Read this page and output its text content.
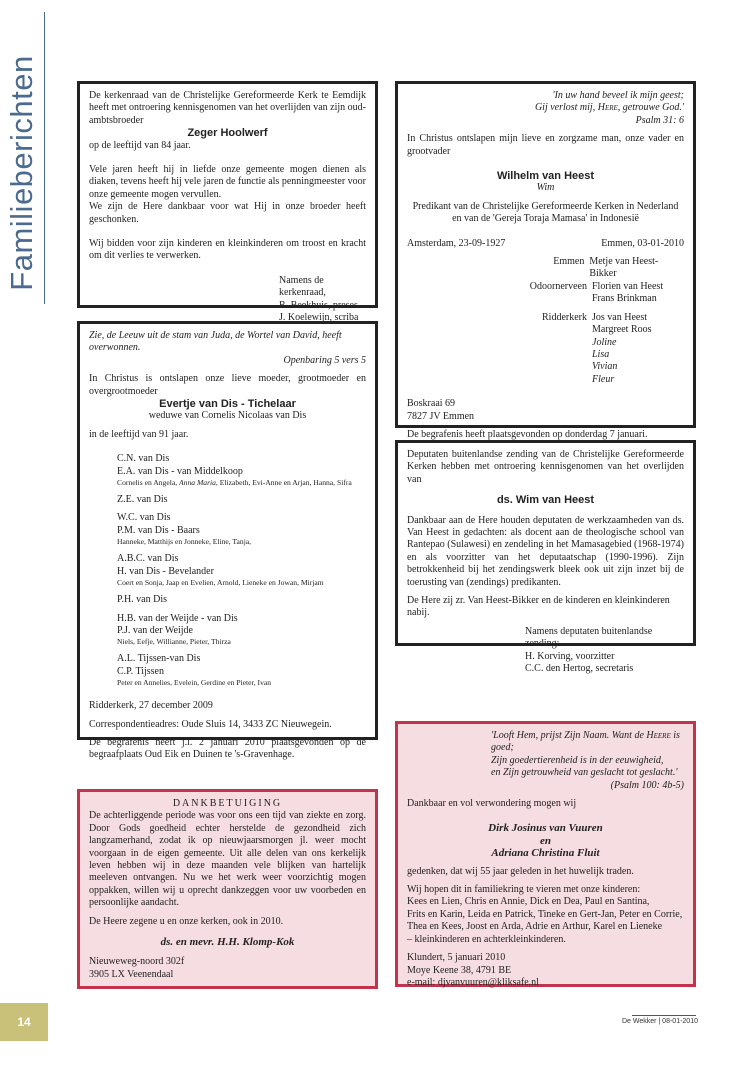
Familieberichten	De kerkenraad van de Christelijke Gereformeerde Kerk te Eemdijk heeft met ontroering kennisgenomen van het overlijden van zijn oud-ambtsbroeder

Zeger Hoolwerf

op de leeftijd van 84 jaar.

Vele jaren heeft hij in liefde onze gemeente mogen dienen als diaken, tevens heeft hij vele jaren de functie als penningmeester voor onze gemeente mogen vervullen.

We zijn de Here dankbaar voor wat Hij in onze broeder heeft geschonken.

Wij bidden voor zijn kinderen en kleinkinderen om troost en kracht om dit verlies te verwerken.

Namens de kerkenraad,

R. Beekhuis, preses

J. Koelewijn, scriba

Zie, de Leeuw uit de stam van Juda, de Wortel van David, heeft overwonnen.

Openbaring 5 vers 5

In Christus is ontslapen onze lieve moeder, grootmoeder en overgrootmoeder

Evertje van Dis - Tichelaar

weduwe van Cornelis Nicolaas van Dis

in de leeftijd van 91 jaar.

C.N. van Dis

E.A. van Dis - van Middelkoop

Cornelis en Angela, Anna Maria, Elizabeth, Evi-Anne en Arjan, Hanna, Sifra

Z.E. van Dis

W.C. van Dis

P.M. van Dis - Baars

Hanneke, Matthijs en Jonneke, Eline, Tanja,

A.B.C. van Dis

H. van Dis - Bevelander

Coert en Sonja, Jaap en Evelien, Arnold, Lieneke en Jowan, Mirjam

P.H. van Dis

H.B. van der Weijde - van Dis

P.J. van der Weijde

Niels, Eefje, Willianne, Pieter, Thirza

A.L. Tijssen-van Dis

C.P. Tijssen

Peter en Annelies, Evelein, Gerdine en Pieter, Ivan

Ridderkerk, 27 december 2009

Correspondentieadres: Oude Sluis 14, 3433 ZC Nieuwegein.

De begrafenis heeft j.l. 2 januari 2010 plaatsgevonden op de begraafplaats Oud Eik en Duinen te 's-Gravenhage.

DANKBETUIGING

De achterliggende periode was voor ons een tijd van ziekte en zorg. Door Gods goedheid echter herstelde de gezondheid zich langzamerhand, zodat ik op nieuwjaarsmorgen jl. weer mocht voorgaan in de eigen gemeente. Uit alle delen van ons kerkelijk leven hebben wij in deze maanden vele blijken van hartelijk meeleven ontvangen. Nu we het werk weer voorzichtig mogen oppakken, willen wij u oprecht dankzeggen voor uw voorbeden en persoonlijke aandacht.

De Heere zegene u en onze kerken, ook in 2010.

ds. en mevr. H.H. Klomp-Kok

Nieuweweg-noord 302f

3905 LX Veenendaal

'In uw hand beveel ik mijn geest;

Gij verlost mij, Here, getrouwe God.'

Psalm 31: 6

In Christus ontslapen mijn lieve en zorgzame man, onze vader en grootvader

Wilhelm van Heest

Wim

Predikant van de Christelijke Gereformeerde Kerken in Nederland

en van de 'Gereja Toraja Mamasa' in Indonesië

Amsterdam, 23-09-1927	Emmen, 03-01-2010
Emmen Metje van Heest-Bikker

Odoornerveen Florien van Heest

Frans Brinkman

Ridderkerk Jos van Heest

Margreet Roos

Joline

Lisa

Vivian

Fleur

Boskraai 69

7827 JV Emmen

De begrafenis heeft plaatsgevonden op donderdag 7 januari.

Deputaten buitenlandse zending van de Christelijke Gereformeerde Kerken hebben met ontroering kennisgenomen van het overlijden van

ds. Wim van Heest

Dankbaar aan de Here houden deputaten de werkzaamheden van ds. Van Heest in gedachten: als docent aan de theologische school van Rantepao (Sulawesi) en zendeling in het Mamasagebied (1968-1974) en als voorzitter van het deputaatschap (1990-1996). Zijn betrokkenheid bij het zendingswerk bleek ook uit zijn inzet bij de toerusting van (zendings) predikanten.

De Here zij zr. Van Heest-Bikker en de kinderen en kleinkinderen nabij.

Namens deputaten buitenlandse zending:

H. Korving, voorzitter

C.C. den Hertog, secretaris

'Looft Hem, prijst Zijn Naam. Want de Heere is goed;

Zijn goedertierenheid is in der eeuwigheid,

en Zijn getrouwheid van geslacht tot geslacht.'

(Psalm 100: 4b-5)

Dankbaar en vol verwondering mogen wij

Dirk Josinus van Vuuren

en

Adriana Christina Fluit

gedenken, dat wij 55 jaar geleden in het huwelijk traden.

Wij hopen dit in familiekring te vieren met onze kinderen:

Kees en Lien, Chris en Annie, Dick en Dea, Paul en Santina,

Frits en Karin, Leida en Patrick, Tineke en Gert-Jan, Peter en Corrie,

Thea en Kees, Joost en Arda, Adrie en Arthur, Karel en Lieneke

– kleinkinderen en achterkleinkinderen.

Klundert, 5 januari 2010

Moye Keene 38, 4791 BE

e-mail: djvanvuuren@kliksafe.nl

14	De Wekker | 08-01-2010
